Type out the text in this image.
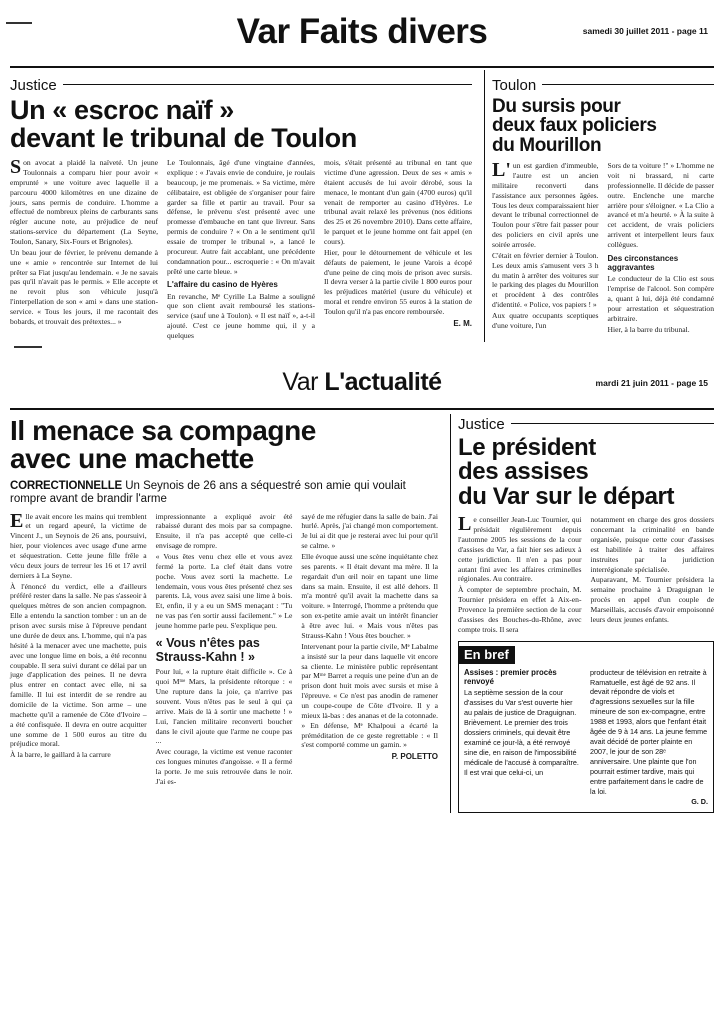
Var Faits divers	samedi 30 juillet 2011 - page 11
Justice
Un « escroc naïf »
devant le tribunal de Toulon

Son avocat a plaidé la naïveté. Un jeune Toulonnais a comparu hier pour avoir « emprunté » une voiture avec laquelle il a parcouru 4000 kilomètres en une dizaine de jours, sans permis de conduire. L'homme a effectué de nombreux pleins de carburants sans régler aucune note, au préjudice de neuf stations-service du département (La Seyne, Toulon, Sanary, Six-Fours et Brignoles).

Un beau jour de février, le prévenu demande à une « amie » rencontrée sur Internet de lui prêter sa Fiat jusqu'au lendemain. « Je ne savais pas qu'il n'avait pas le permis. » Elle accepte et ne revoit plus son véhicule jusqu'à l'interpellation de son « ami » dans une station-service. « Tous les jours, il me racontait des bobards, et trouvait des prétextes... »

Le Toulonnais, âgé d'une vingtaine d'années, explique : « J'avais envie de conduire, je roulais beaucoup, je me promenais. » Sa victime, mère célibataire, est obligée de s'organiser pour faire garder sa fille et partir au travail. Pour sa défense, le prévenu s'est présenté avec une promesse d'embauche en tant que livreur. Sans permis de conduire ? « On a le sentiment qu'il essaie de tromper le tribunal », a lancé le procureur. Autre fait accablant, une précédente condamnation pour... escroquerie : « On m'avait prêté une carte bleue. »

L'affaire du casino de Hyères

En revanche, Mᵉ Cyrille La Balme a souligné que son client avait remboursé les stations-service (sauf une à Toulon). « Il est naïf », a-t-il ajouté. C'est ce jeune homme qui, il y a quelques

mois, s'était présenté au tribunal en tant que victime d'une agression. Deux de ses « amis » étaient accusés de lui avoir dérobé, sous la menace, le montant d'un gain (4700 euros) qu'il venait de remporter au casino d'Hyères. Le tribunal avait relaxé les prévenus (nos éditions des 25 et 26 novembre 2010). Dans cette affaire, le parquet et le jeune homme ont fait appel (en cours).

Hier, pour le détournement de véhicule et les défauts de paiement, le jeune Varois a écopé d'une peine de cinq mois de prison avec sursis. Il devra verser à la partie civile 1 800 euros pour les préjudices matériel (usure du véhicule) et moral et rendre environ 55 euros à la station de Toulon qu'il n'a pas encore remboursée.

E. M.
Toulon
Du sursis pour
deux faux policiers
du Mourillon

L'un est gardien d'immeuble, l'autre est un ancien militaire reconverti dans l'assistance aux personnes âgées. Tous les deux comparaissaient hier devant le tribunal correctionnel de Toulon pour s'être fait passer pour des policiers en civil après une soirée arrosée.

C'était en février dernier à Toulon. Les deux amis s'amusent vers 3 h du matin à arrêter des voitures sur le parking des plages du Mourillon et procèdent à des contrôles d'identité. « Police, vos papiers ! »

Aux quatre occupants sceptiques d'une voiture, l'un

Sors de ta voiture !" » L'homme ne voit ni brassard, ni carte professionnelle. Il décide de passer outre. Enclenche une marche arrière pour s'éloigner. « La Clio a avancé et m'a heurté. » À la suite à cet accident, de vrais policiers arrivent et interpellent leurs faux collègues.

Des circonstances aggravantes

Le conducteur de la Clio est sous l'emprise de l'alcool. Son compère a, quant à lui, déjà été condamné pour arrestation et séquestration arbitraire.

Hier, à la barre du tribunal.

Var L'actualité	mardi 21 juin 2011 - page 15
Il menace sa compagne
avec une machette
CORRECTIONNELLE Un Seynois de 26 ans a séquestré son amie qui voulait rompre avant de brandir l'arme

Elle avait encore les mains qui tremblent et un regard apeuré, la victime de Vincent J., un Seynois de 26 ans, poursuivi, hier, pour violences avec usage d'une arme et séquestration. Cette jeune fille frêle a vécu deux jours de terreur les 16 et 17 avril derniers à La Seyne.

À l'énoncé du verdict, elle a d'ailleurs préféré rester dans la salle. Ne pas s'asseoir à quelques mètres de son ancien compagnon. Elle a entendu la sanction tomber : un an de prison avec sursis mise à l'épreuve pendant une durée de deux ans. L'homme, qui n'a pas hésité à la menacer avec une machette, puis avec une longue lime en bois, a été reconnu coupable. Il sera suivi durant ce délai par un juge d'application des peines. Il ne devra plus entrer en contact avec elle, ni sa famille. Il lui est interdit de se rendre au domicile de la victime. Son arme – une machette qu'il a ramenée de Côte d'Ivoire – a été confisquée. Il devra en outre acquitter une somme de 1 500 euros au titre du préjudice moral.

À la barre, le gaillard à la carrure

impressionnante a expliqué avoir été rabaissé durant des mois par sa compagne. Ensuite, il n'a pas accepté que celle-ci envisage de rompre.

« Vous êtes venu chez elle et vous avez fermé la porte. La clef était dans votre poche. Vous avez sorti la machette. Le lendemain, vous vous êtes présenté chez ses parents. Là, vous avez saisi une lime à bois. Et, enfin, il y a eu un SMS menaçant : "Tu ne vas pas t'en sortir aussi facilement." » Le jeune homme parle peu. S'explique peu.

« Vous n'êtes pas
Strauss-Kahn ! »

Pour lui, « la rupture était difficile ». Ce à quoi Mᵐᵉ Mars, la présidente rétorque : « Une rupture dans la joie, ça n'arrive pas souvent. Vous n'êtes pas le seul à qui ça arrive. Mais de là à sortir une machette ! » Lui, l'ancien militaire reconverti boucher dans le civil ajoute que l'arme ne coupe pas ...

Avec courage, la victime est venue raconter ces longues minutes d'angoisse. « Il a fermé la porte. Je me suis retrouvée dans le noir. J'ai es-

sayé de me réfugier dans la salle de bain. J'ai hurlé. Après, j'ai changé mon comportement. Je lui ai dit que je resterai avec lui pour qu'il se calme. »

Elle évoque aussi une scène inquiétante chez ses parents. « Il était devant ma mère. Il la regardait d'un œil noir en tapant une lime dans sa main. Ensuite, il est allé dehors. Il m'a montré qu'il avait la machette dans sa voiture. » Interrogé, l'homme a prétendu que son ex-petite amie avait un intérêt financier à être avec lui. « Mais vous n'êtes pas Strauss-Kahn ! Vous êtes boucher. »

Intervenant pour la partie civile, Mᵉ Labalme a insisté sur la peur dans laquelle vit encore sa cliente. Le ministère public représentant par Mᵐᵉ Barret a requis une peine d'un an de prison dont huit mois avec sursis et mise à l'épreuve. « Ce n'est pas anodin de ramener un coupe-coupe de Côte d'Ivoire. Il y a mieux là-bas : des ananas et de la cotonnade. » En défense, Mᵉ Khalpoui a écarté la préméditation de ce geste regrettable : « Il s'est comporté comme un gamin. »

P. POLETTO
Justice
Le président
des assises
du Var sur le départ

Le conseiller Jean-Luc Tournier, qui présidait régulièrement depuis l'automne 2005 les sessions de la cour d'assises du Var, a fait hier ses adieux à cette juridiction. Il n'en a pas pour autant fini avec les affaires criminelles régionales. Au contraire.

À compter de septembre prochain, M. Tournier présidera en effet à Aix-en-Provence la première section de la cour d'assises des Bouches-du-Rhône, avec compte trois. Il sera

notamment en charge des gros dossiers concernant la criminalité en bande organisée, puisque cette cour d'assises est habilitée à traiter des affaires instruites par la juridiction interrégionale spécialisée.

Auparavant, M. Tournier présidera la semaine prochaine à Draguignan le procès en appel d'un couple de Marseillais, accusés d'avoir empoisonné leurs deux jeunes enfants.

En bref
Assises : premier procès
renvoyé
La septième session de la cour d'assises du Var s'est ouverte hier au palais de justice de Draguignan. Brièvement. Le premier des trois dossiers criminels, qui devait être examiné ce jour-là, a été renvoyé sine die, en raison de l'impossibilité médicale de l'accusé à comparaître. Il est vrai que celui-ci, un
producteur de télévision en retraite à Ramatuelle, est âgé de 92 ans. Il devait répondre de viols et d'agressions sexuelles sur la fille mineure de son ex-compagne, entre 1988 et 1993, alors que l'enfant était âgée de 9 à 14 ans. La jeune femme avait décidé de porter plainte en 2007, le jour de son 28ᵉ anniversaire. Une plainte que l'on pourrait estimer tardive, mais qui entre parfaitement dans le cadre de la loi.
G. D.
